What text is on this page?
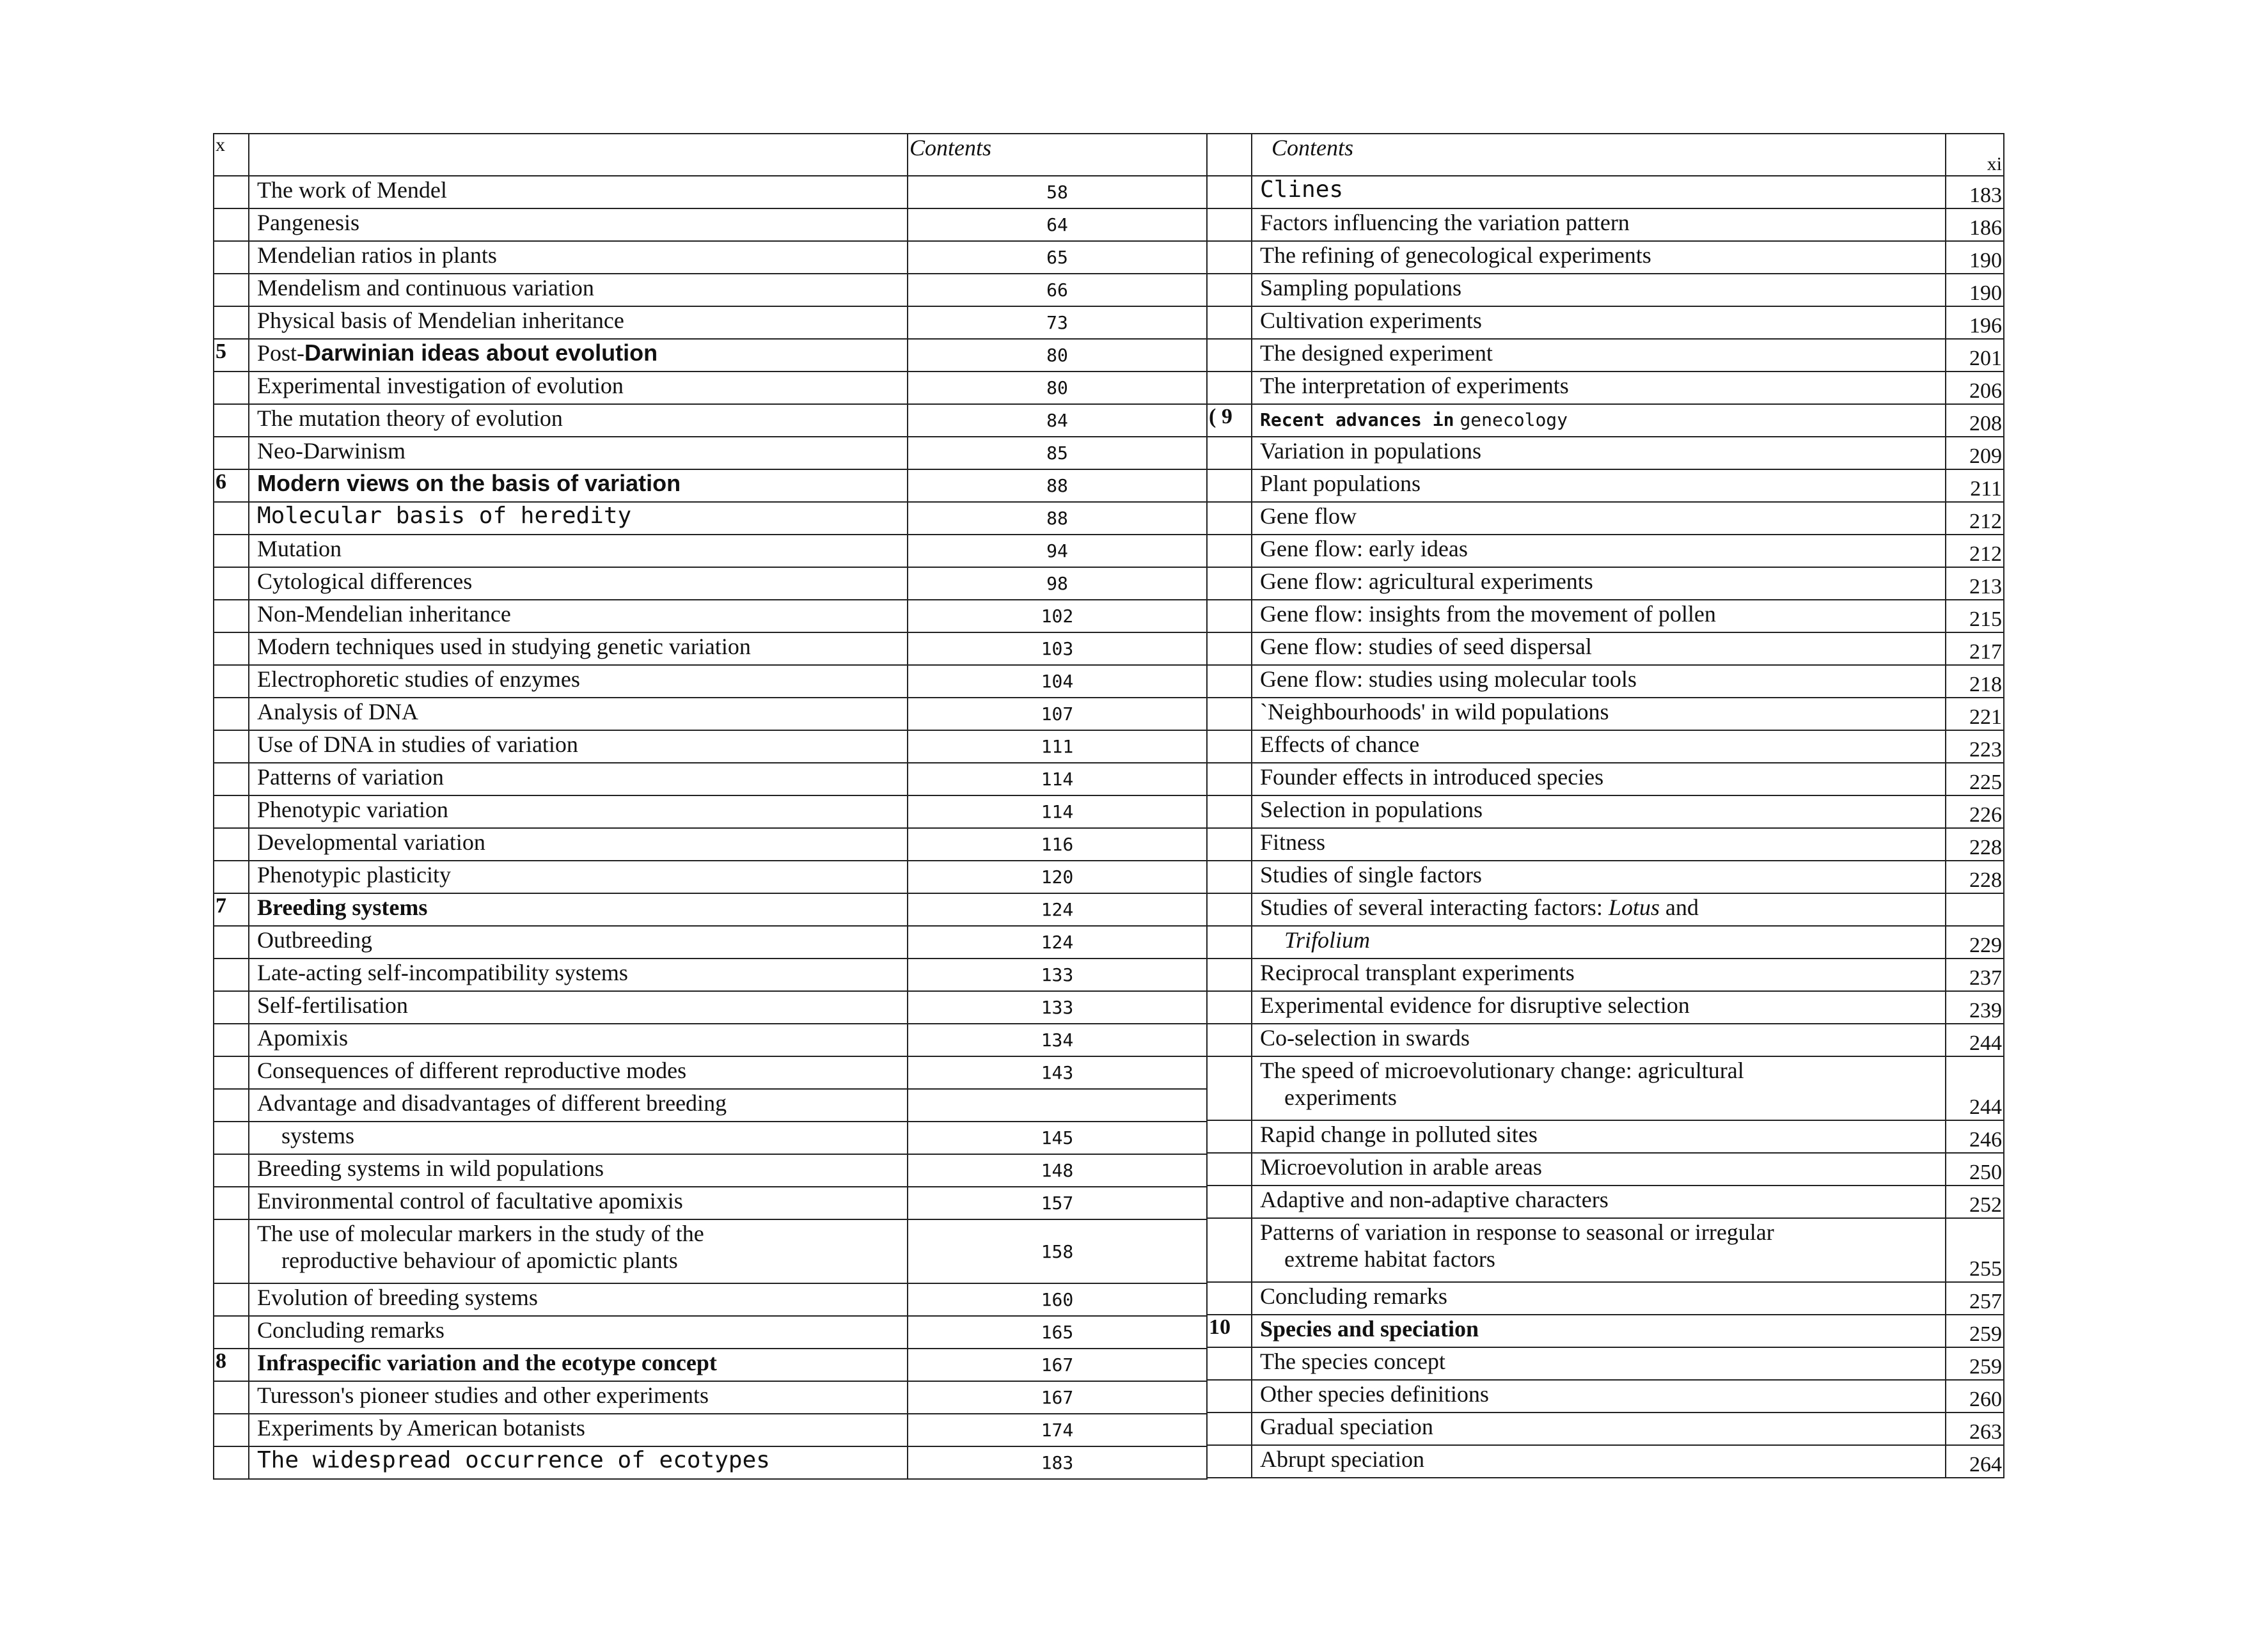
x		Contents
	The work of Mendel	58
	Pangenesis	64
	Mendelian ratios in plants	65
	Mendelism and continuous variation	66
	Physical basis of Mendelian inheritance	73
5	Post-Darwinian ideas about evolution	80
	Experimental investigation of evolution	80
	The mutation theory of evolution	84
	Neo-Darwinism	85
6	Modern views on the basis of variation	88
	Molecular basis of heredity	88
	Mutation	94
	Cytological differences	98
	Non-Mendelian inheritance	102
	Modern techniques used in studying genetic variation	103
	Electrophoretic studies of enzymes	104
	Analysis of DNA	107
	Use of DNA in studies of variation	111
	Patterns of variation	114
	Phenotypic variation	114
	Developmental variation	116
	Phenotypic plasticity	120
7	Breeding systems	124
	Outbreeding	124
	Late-acting self-incompatibility systems	133
	Self-fertilisation	133
	Apomixis	134
	Consequences of different reproductive modes	143
	Advantage and disadvantages of different breeding	
	systems	145
	Breeding systems in wild populations	148
	Environmental control of facultative apomixis	157
	The use of molecular markers in the study of the
reproductive behaviour of apomictic plants	158
	Evolution of breeding systems	160
	Concluding remarks	165
8	Infraspecific variation and the ecotype concept	167
	Turesson's pioneer studies and other experiments	167
	Experiments by American botanists	174
	The widespread occurrence of ecotypes	183
	Contents	xi
	Clines	183
	Factors influencing the variation pattern	186
	The refining of genecological experiments	190
	Sampling populations	190
	Cultivation experiments	196
	The designed experiment	201
	The interpretation of experiments	206
( 9	Recent advances in genecology	208
	Variation in populations	209
	Plant populations	211
	Gene flow	212
	Gene flow: early ideas	212
	Gene flow: agricultural experiments	213
	Gene flow: insights from the movement of pollen	215
	Gene flow: studies of seed dispersal	217
	Gene flow: studies using molecular tools	218
	`Neighbourhoods' in wild populations	221
	Effects of chance	223
	Founder effects in introduced species	225
	Selection in populations	226
	Fitness	228
	Studies of single factors	228
	Studies of several interacting factors: Lotus and	
	Trifolium	229
	Reciprocal transplant experiments	237
	Experimental evidence for disruptive selection	239
	Co-selection in swards	244
	The speed of microevolutionary change: agricultural
experiments	244
	Rapid change in polluted sites	246
	Microevolution in arable areas	250
	Adaptive and non-adaptive characters	252
	Patterns of variation in response to seasonal or irregular
extreme habitat factors	255
	Concluding remarks	257
10	Species and speciation	259
	The species concept	259
	Other species definitions	260
	Gradual speciation	263
	Abrupt speciation	264
